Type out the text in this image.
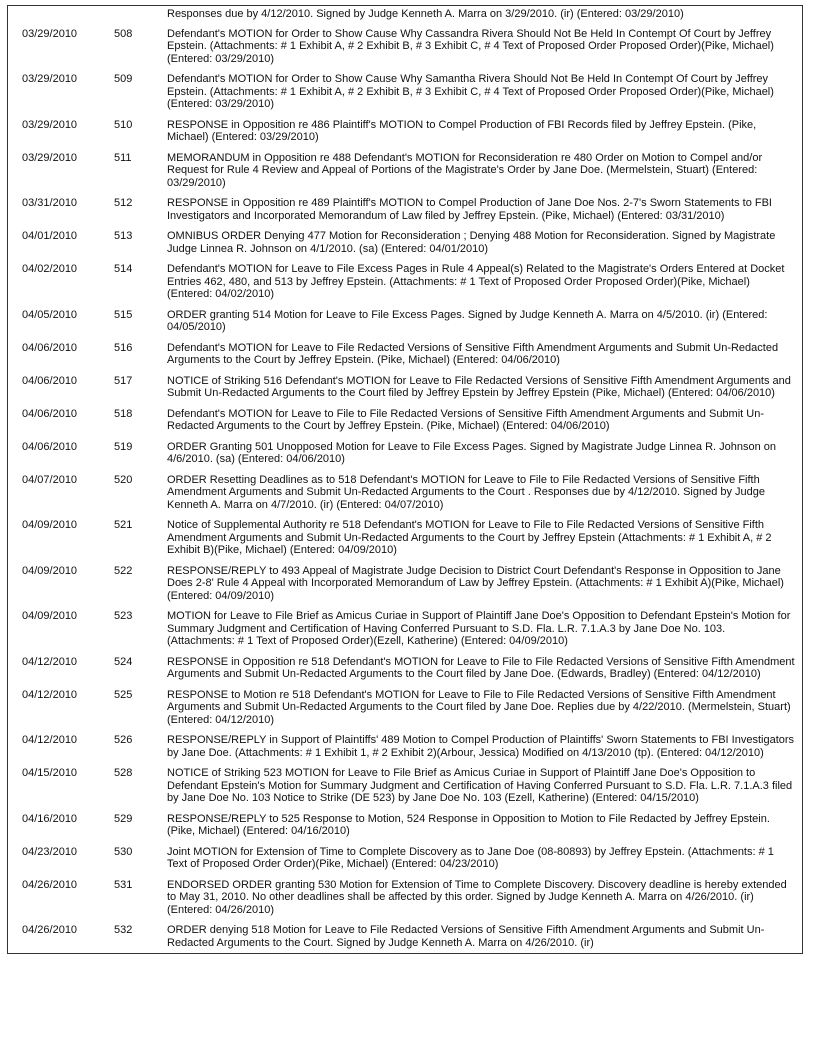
		Responses due by 4/12/2010. Signed by Judge Kenneth A. Marra on 3/29/2010. (ir) (Entered: 03/29/2010)
03/29/2010	508	Defendant's MOTION for Order to Show Cause Why Cassandra Rivera Should Not Be Held In Contempt Of Court by Jeffrey Epstein. (Attachments: # 1 Exhibit A, # 2 Exhibit B, # 3 Exhibit C, # 4 Text of Proposed Order Proposed Order)(Pike, Michael) (Entered: 03/29/2010)
03/29/2010	509	Defendant's MOTION for Order to Show Cause Why Samantha Rivera Should Not Be Held In Contempt Of Court by Jeffrey Epstein. (Attachments: # 1 Exhibit A, # 2 Exhibit B, # 3 Exhibit C, # 4 Text of Proposed Order Proposed Order)(Pike, Michael) (Entered: 03/29/2010)
03/29/2010	510	RESPONSE in Opposition re 486 Plaintiff's MOTION to Compel Production of FBI Records filed by Jeffrey Epstein. (Pike, Michael) (Entered: 03/29/2010)
03/29/2010	511	MEMORANDUM in Opposition re 488 Defendant's MOTION for Reconsideration re 480 Order on Motion to Compel and/or Request for Rule 4 Review and Appeal of Portions of the Magistrate's Order by Jane Doe. (Mermelstein, Stuart) (Entered: 03/29/2010)
03/31/2010	512	RESPONSE in Opposition re 489 Plaintiff's MOTION to Compel Production of Jane Doe Nos. 2-7's Sworn Statements to FBI Investigators and Incorporated Memorandum of Law filed by Jeffrey Epstein. (Pike, Michael) (Entered: 03/31/2010)
04/01/2010	513	OMNIBUS ORDER Denying 477 Motion for Reconsideration ; Denying 488 Motion for Reconsideration. Signed by Magistrate Judge Linnea R. Johnson on 4/1/2010. (sa) (Entered: 04/01/2010)
04/02/2010	514	Defendant's MOTION for Leave to File Excess Pages in Rule 4 Appeal(s) Related to the Magistrate's Orders Entered at Docket Entries 462, 480, and 513 by Jeffrey Epstein. (Attachments: # 1 Text of Proposed Order Proposed Order)(Pike, Michael) (Entered: 04/02/2010)
04/05/2010	515	ORDER granting 514 Motion for Leave to File Excess Pages. Signed by Judge Kenneth A. Marra on 4/5/2010. (ir) (Entered: 04/05/2010)
04/06/2010	516	Defendant's MOTION for Leave to File Redacted Versions of Sensitive Fifth Amendment Arguments and Submit Un-Redacted Arguments to the Court by Jeffrey Epstein. (Pike, Michael) (Entered: 04/06/2010)
04/06/2010	517	NOTICE of Striking 516 Defendant's MOTION for Leave to File Redacted Versions of Sensitive Fifth Amendment Arguments and Submit Un-Redacted Arguments to the Court filed by Jeffrey Epstein by Jeffrey Epstein (Pike, Michael) (Entered: 04/06/2010)
04/06/2010	518	Defendant's MOTION for Leave to File to File Redacted Versions of Sensitive Fifth Amendment Arguments and Submit Un-Redacted Arguments to the Court by Jeffrey Epstein. (Pike, Michael) (Entered: 04/06/2010)
04/06/2010	519	ORDER Granting 501 Unopposed Motion for Leave to File Excess Pages. Signed by Magistrate Judge Linnea R. Johnson on 4/6/2010. (sa) (Entered: 04/06/2010)
04/07/2010	520	ORDER Resetting Deadlines as to 518 Defendant's MOTION for Leave to File to File Redacted Versions of Sensitive Fifth Amendment Arguments and Submit Un-Redacted Arguments to the Court . Responses due by 4/12/2010. Signed by Judge Kenneth A. Marra on 4/7/2010. (ir) (Entered: 04/07/2010)
04/09/2010	521	Notice of Supplemental Authority re 518 Defendant's MOTION for Leave to File to File Redacted Versions of Sensitive Fifth Amendment Arguments and Submit Un-Redacted Arguments to the Court by Jeffrey Epstein (Attachments: # 1 Exhibit A, # 2 Exhibit B)(Pike, Michael) (Entered: 04/09/2010)
04/09/2010	522	RESPONSE/REPLY to 493 Appeal of Magistrate Judge Decision to District Court Defendant's Response in Opposition to Jane Does 2-8' Rule 4 Appeal with Incorporated Memorandum of Law by Jeffrey Epstein. (Attachments: # 1 Exhibit A)(Pike, Michael) (Entered: 04/09/2010)
04/09/2010	523	MOTION for Leave to File Brief as Amicus Curiae in Support of Plaintiff Jane Doe's Opposition to Defendant Epstein's Motion for Summary Judgment and Certification of Having Conferred Pursuant to S.D. Fla. L.R. 7.1.A.3 by Jane Doe No. 103. (Attachments: # 1 Text of Proposed Order)(Ezell, Katherine) (Entered: 04/09/2010)
04/12/2010	524	RESPONSE in Opposition re 518 Defendant's MOTION for Leave to File to File Redacted Versions of Sensitive Fifth Amendment Arguments and Submit Un-Redacted Arguments to the Court filed by Jane Doe. (Edwards, Bradley) (Entered: 04/12/2010)
04/12/2010	525	RESPONSE to Motion re 518 Defendant's MOTION for Leave to File to File Redacted Versions of Sensitive Fifth Amendment Arguments and Submit Un-Redacted Arguments to the Court filed by Jane Doe. Replies due by 4/22/2010. (Mermelstein, Stuart) (Entered: 04/12/2010)
04/12/2010	526	RESPONSE/REPLY in Support of Plaintiffs' 489 Motion to Compel Production of Plaintiffs' Sworn Statements to FBI Investigators by Jane Doe. (Attachments: # 1 Exhibit 1, # 2 Exhibit 2)(Arbour, Jessica) Modified on 4/13/2010 (tp). (Entered: 04/12/2010)
04/15/2010	528	NOTICE of Striking 523 MOTION for Leave to File Brief as Amicus Curiae in Support of Plaintiff Jane Doe's Opposition to Defendant Epstein's Motion for Summary Judgment and Certification of Having Conferred Pursuant to S.D. Fla. L.R. 7.1.A.3 filed by Jane Doe No. 103 Notice to Strike (DE 523) by Jane Doe No. 103 (Ezell, Katherine) (Entered: 04/15/2010)
04/16/2010	529	RESPONSE/REPLY to 525 Response to Motion, 524 Response in Opposition to Motion to File Redacted by Jeffrey Epstein. (Pike, Michael) (Entered: 04/16/2010)
04/23/2010	530	Joint MOTION for Extension of Time to Complete Discovery as to Jane Doe (08-80893) by Jeffrey Epstein. (Attachments: # 1 Text of Proposed Order Order)(Pike, Michael) (Entered: 04/23/2010)
04/26/2010	531	ENDORSED ORDER granting 530 Motion for Extension of Time to Complete Discovery. Discovery deadline is hereby extended to May 31, 2010. No other deadlines shall be affected by this order. Signed by Judge Kenneth A. Marra on 4/26/2010. (ir) (Entered: 04/26/2010)
04/26/2010	532	ORDER denying 518 Motion for Leave to File Redacted Versions of Sensitive Fifth Amendment Arguments and Submit Un-Redacted Arguments to the Court. Signed by Judge Kenneth A. Marra on 4/26/2010. (ir)
